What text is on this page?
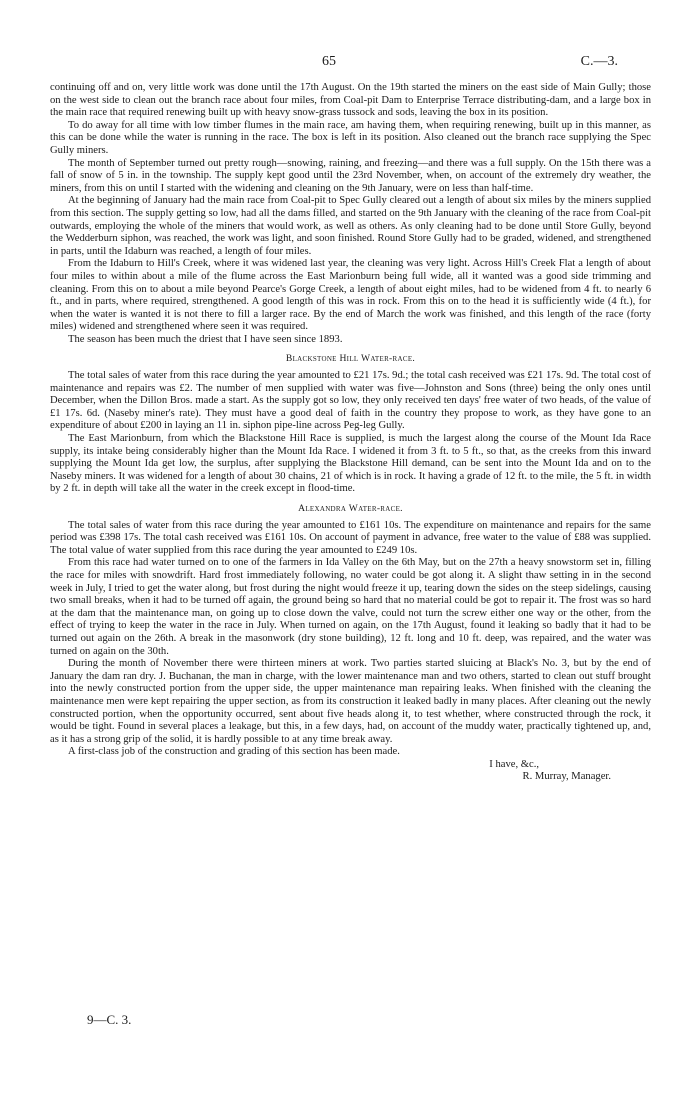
65	C.—3.

continuing off and on, very little work was done until the 17th August. On the 19th started the miners on the east side of Main Gully; those on the west side to clean out the branch race about four miles, from Coal-pit Dam to Enterprise Terrace distributing-dam, and a large box in the main race that required renewing built up with heavy snow-grass tussock and sods, leaving the box in its position.

To do away for all time with low timber flumes in the main race, am having them, when requiring renewing, built up in this manner, as this can be done while the water is running in the race. The box is left in its position. Also cleaned out the branch race supplying the Spec Gully miners.

The month of September turned out pretty rough—snowing, raining, and freezing—and there was a full supply. On the 15th there was a fall of snow of 5 in. in the township. The supply kept good until the 23rd November, when, on account of the extremely dry weather, the miners, from this on until I started with the widening and cleaning on the 9th January, were on less than half-time.

At the beginning of January had the main race from Coal-pit to Spec Gully cleared out a length of about six miles by the miners supplied from this section. The supply getting so low, had all the dams filled, and started on the 9th January with the cleaning of the race from Coal-pit outwards, employing the whole of the miners that would work, as well as others. As only cleaning had to be done until Store Gully, beyond the Wedderburn siphon, was reached, the work was light, and soon finished. Round Store Gully had to be graded, widened, and strengthened in parts, until the Idaburn was reached, a length of four miles.

From the Idaburn to Hill's Creek, where it was widened last year, the cleaning was very light. Across Hill's Creek Flat a length of about four miles to within about a mile of the flume across the East Marionburn being full wide, all it wanted was a good side trimming and cleaning. From this on to about a mile beyond Pearce's Gorge Creek, a length of about eight miles, had to be widened from 4 ft. to nearly 6 ft., and in parts, where required, strengthened. A good length of this was in rock. From this on to the head it is sufficiently wide (4 ft.), for when the water is wanted it is not there to fill a larger race. By the end of March the work was finished, and this length of the race (forty miles) widened and strengthened where seen it was required.

The season has been much the driest that I have seen since 1893.

Blackstone Hill Water-race.

The total sales of water from this race during the year amounted to £21 17s. 9d.; the total cash received was £21 17s. 9d. The total cost of maintenance and repairs was £2. The number of men supplied with water was five—Johnston and Sons (three) being the only ones until December, when the Dillon Bros. made a start. As the supply got so low, they only received ten days' free water of two heads, of the value of £1 17s. 6d. (Naseby miner's rate). They must have a good deal of faith in the country they propose to work, as they have gone to an expenditure of about £200 in laying an 11 in. siphon pipe-line across Peg-leg Gully.

The East Marionburn, from which the Blackstone Hill Race is supplied, is much the largest along the course of the Mount Ida Race supply, its intake being considerably higher than the Mount Ida Race. I widened it from 3 ft. to 5 ft., so that, as the creeks from this inward supplying the Mount Ida get low, the surplus, after supplying the Blackstone Hill demand, can be sent into the Mount Ida and on to the Naseby miners. It was widened for a length of about 30 chains, 21 of which is in rock. It having a grade of 12 ft. to the mile, the 5 ft. in width by 2 ft. in depth will take all the water in the creek except in flood-time.

Alexandra Water-race.

The total sales of water from this race during the year amounted to £161 10s. The expenditure on maintenance and repairs for the same period was £398 17s. The total cash received was £161 10s. On account of payment in advance, free water to the value of £88 was supplied. The total value of water supplied from this race during the year amounted to £249 10s.

From this race had water turned on to one of the farmers in Ida Valley on the 6th May, but on the 27th a heavy snowstorm set in, filling the race for miles with snowdrift. Hard frost immediately following, no water could be got along it. A slight thaw setting in in the second week in July, I tried to get the water along, but frost during the night would freeze it up, tearing down the sides on the steep sidelings, causing two small breaks, when it had to be turned off again, the ground being so hard that no material could be got to repair it. The frost was so hard at the dam that the maintenance man, on going up to close down the valve, could not turn the screw either one way or the other, from the effect of trying to keep the water in the race in July. When turned on again, on the 17th August, found it leaking so badly that it had to be turned out again on the 26th. A break in the masonwork (dry stone building), 12 ft. long and 10 ft. deep, was repaired, and the water was turned on again on the 30th.

During the month of November there were thirteen miners at work. Two parties started sluicing at Black's No. 3, but by the end of January the dam ran dry. J. Buchanan, the man in charge, with the lower maintenance man and two others, started to clean out stuff brought into the newly constructed portion from the upper side, the upper maintenance man repairing leaks. When finished with the cleaning the maintenance men were kept repairing the upper section, as from its construction it leaked badly in many places. After cleaning out the newly constructed portion, when the opportunity occurred, sent about five heads along it, to test whether, where constructed through the rock, it would be tight. Found in several places a leakage, but this, in a few days, had, on account of the muddy water, practically tightened up, and, as it has a strong grip of the solid, it is hardly possible to at any time break away.

A first-class job of the construction and grading of this section has been made.

I have, &c.,
R. Murray, Manager.
9—C. 3.
